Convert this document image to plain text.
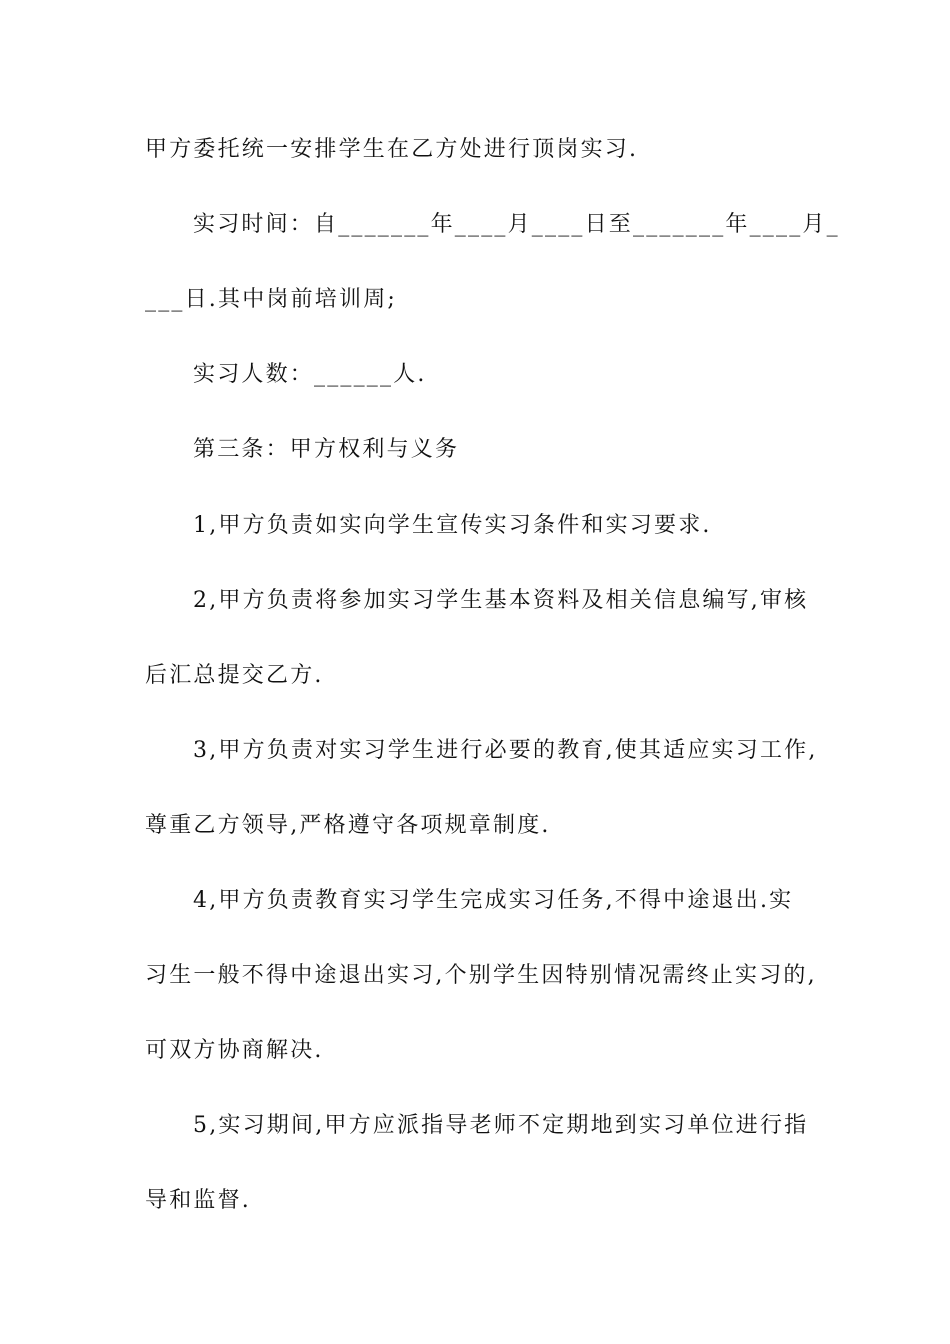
甲方委托统一安排学生在乙方处进行顶岗实习.
实习时间：自_______年____月____日至_______年____月_
___日.其中岗前培训周;
实习人数：______人.
第三条：甲方权利与义务
1,甲方负责如实向学生宣传实习条件和实习要求.
2,甲方负责将参加实习学生基本资料及相关信息编写,审核
后汇总提交乙方.
3,甲方负责对实习学生进行必要的教育,使其适应实习工作,
尊重乙方领导,严格遵守各项规章制度.
4,甲方负责教育实习学生完成实习任务,不得中途退出.实
习生一般不得中途退出实习,个别学生因特别情况需终止实习的,
可双方协商解决.
5,实习期间,甲方应派指导老师不定期地到实习单位进行指
导和监督.
